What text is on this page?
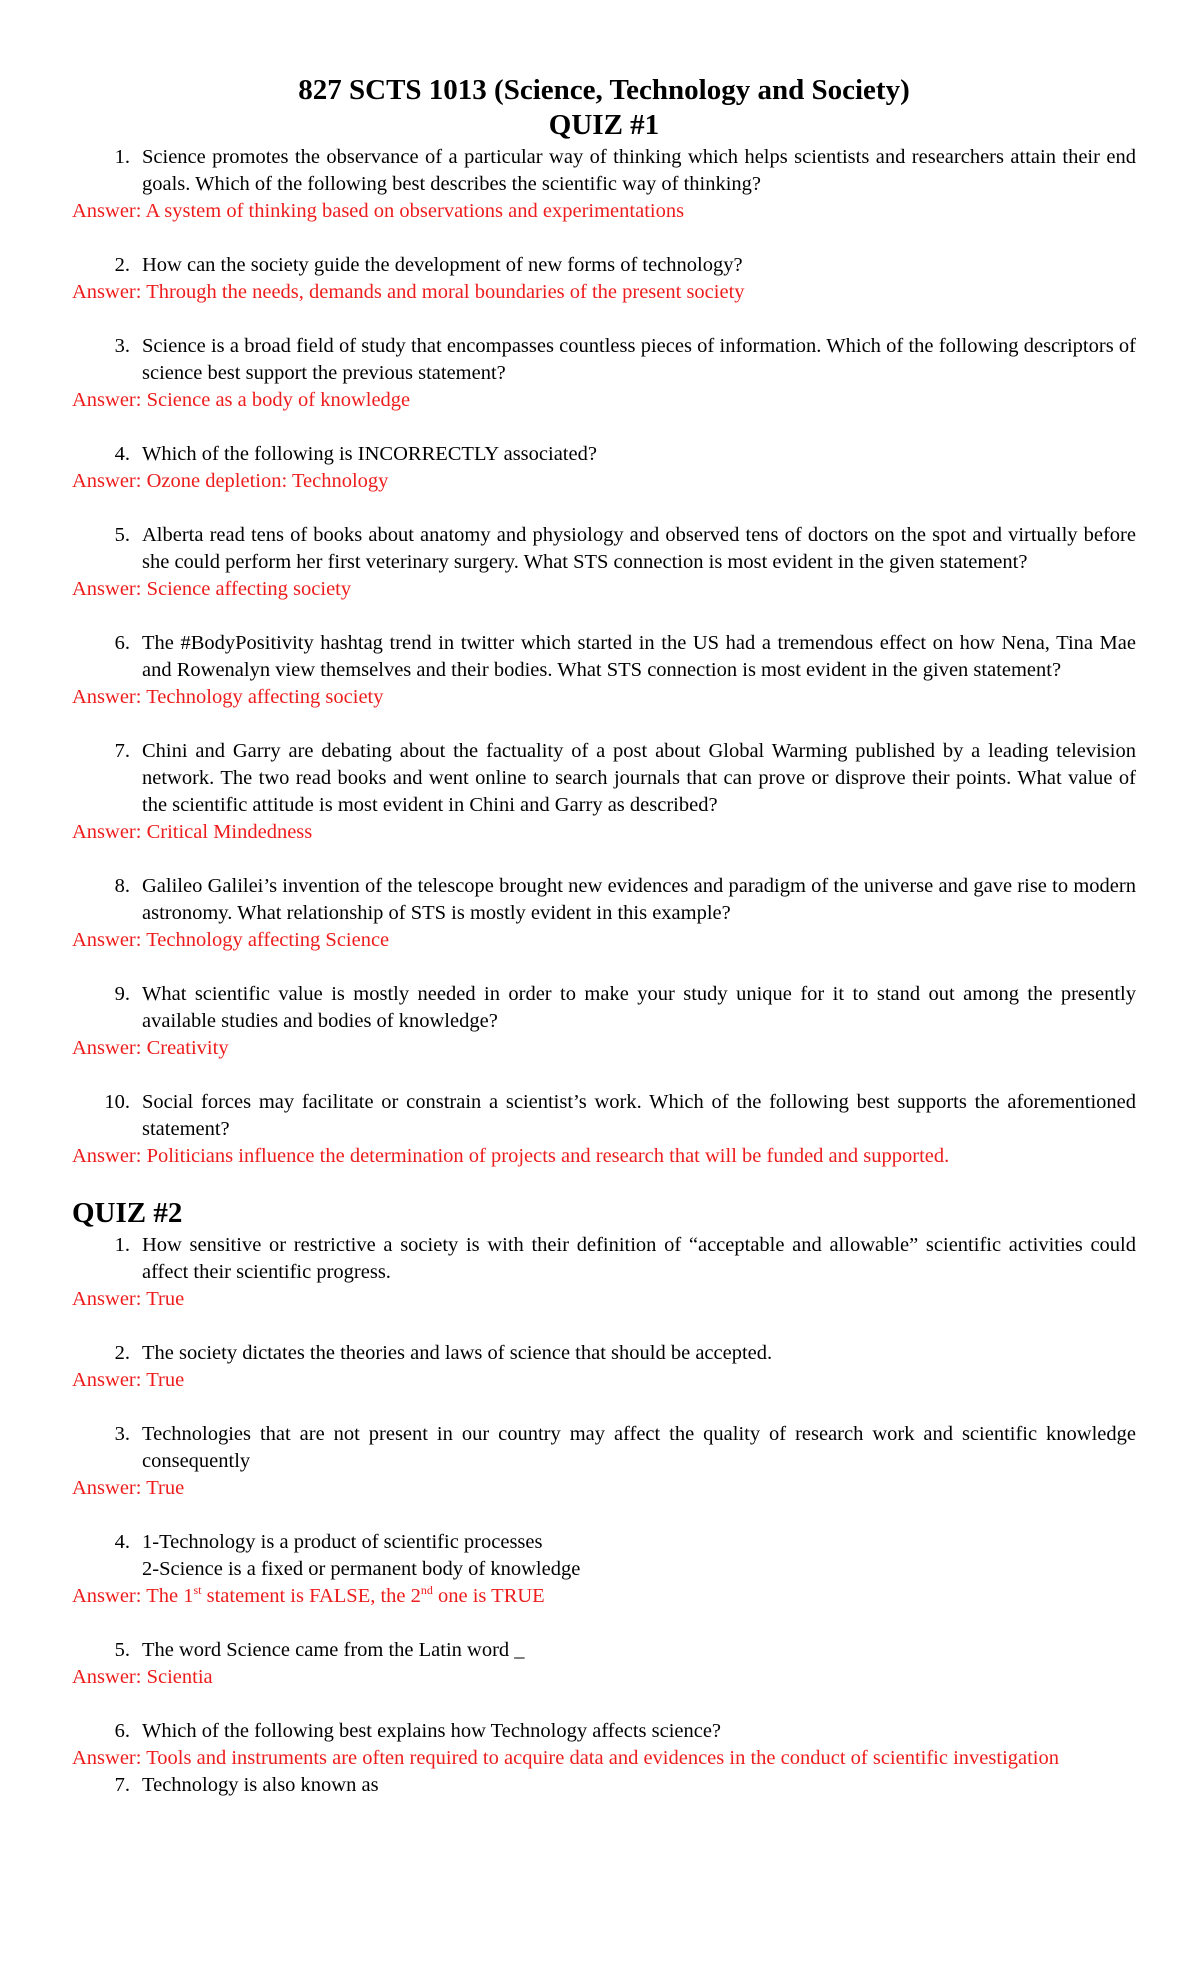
827 SCTS 1013 (Science, Technology and Society)
QUIZ #1
1. Science promotes the observance of a particular way of thinking which helps scientists and researchers attain their end goals. Which of the following best describes the scientific way of thinking?
Answer: A system of thinking based on observations and experimentations
2. How can the society guide the development of new forms of technology?
Answer: Through the needs, demands and moral boundaries of the present society
3. Science is a broad field of study that encompasses countless pieces of information. Which of the following descriptors of science best support the previous statement?
Answer: Science as a body of knowledge
4. Which of the following is INCORRECTLY associated?
Answer: Ozone depletion: Technology
5. Alberta read tens of books about anatomy and physiology and observed tens of doctors on the spot and virtually before she could perform her first veterinary surgery. What STS connection is most evident in the given statement?
Answer: Science affecting society
6. The #BodyPositivity hashtag trend in twitter which started in the US had a tremendous effect on how Nena, Tina Mae and Rowenalyn view themselves and their bodies. What STS connection is most evident in the given statement?
Answer: Technology affecting society
7. Chini and Garry are debating about the factuality of a post about Global Warming published by a leading television network. The two read books and went online to search journals that can prove or disprove their points. What value of the scientific attitude is most evident in Chini and Garry as described?
Answer: Critical Mindedness
8. Galileo Galilei’s invention of the telescope brought new evidences and paradigm of the universe and gave rise to modern astronomy. What relationship of STS is mostly evident in this example?
Answer: Technology affecting Science
9. What scientific value is mostly needed in order to make your study unique for it to stand out among the presently available studies and bodies of knowledge?
Answer: Creativity
10. Social forces may facilitate or constrain a scientist’s work. Which of the following best supports the aforementioned statement?
Answer: Politicians influence the determination of projects and research that will be funded and supported.
QUIZ #2
1. How sensitive or restrictive a society is with their definition of “acceptable and allowable” scientific activities could affect their scientific progress.
Answer: True
2. The society dictates the theories and laws of science that should be accepted.
Answer: True
3. Technologies that are not present in our country may affect the quality of research work and scientific knowledge consequently
Answer: True
4. 1-Technology is a product of scientific processes
2-Science is a fixed or permanent body of knowledge
Answer: The 1st statement is FALSE, the 2nd one is TRUE
5. The word Science came from the Latin word _
Answer: Scientia
6. Which of the following best explains how Technology affects science?
Answer: Tools and instruments are often required to acquire data and evidences in the conduct of scientific investigation
7. Technology is also known as
